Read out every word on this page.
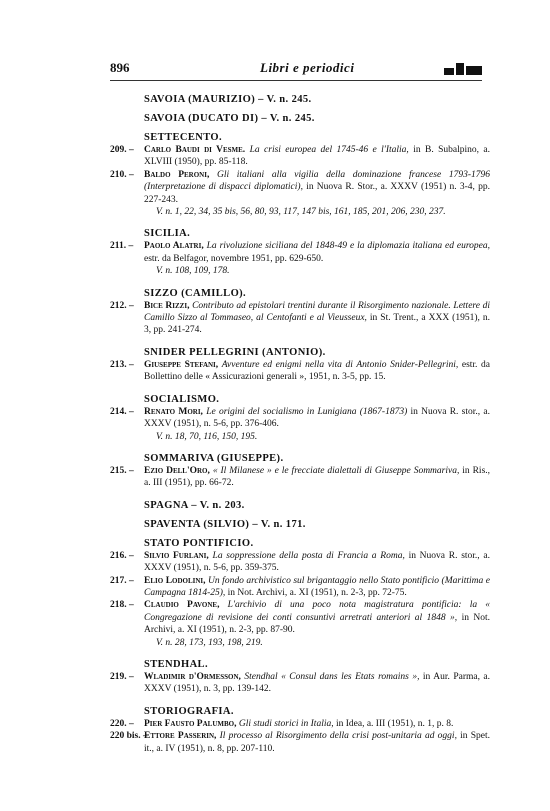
896	Libri e periodici
SAVOIA (MAURIZIO) – V. n. 245.
SAVOIA (DUCATO DI) – V. n. 245.
SETTECENTO.
209. – Carlo Baudi di Vesme. La crisi europea del 1745-46 e l'Italia, in B. Subalpino, a. XLVIII (1950), pp. 85-118.
210. – Baldo Peroni, Gli italiani alla vigilia della dominazione francese 1793-1796 (Interpretazione di dispacci diplomatici), in Nuova R. Stor., a. XXXV (1951) n. 3-4, pp. 227-243.
V. n. 1, 22, 34, 35 bis, 56, 80, 93, 117, 147 bis, 161, 185, 201, 206, 230, 237.
SICILIA.
211. – Paolo Alatri, La rivoluzione siciliana del 1848-49 e la diplomazia italiana ed europea, estr. da Belfagor, novembre 1951, pp. 629-650.
V. n. 108, 109, 178.
SIZZO (CAMILLO).
212. – Bice Rizzi, Contributo ad epistolari trentini durante il Risorgimento nazionale. Lettere di Camillo Sizzo al Tommaseo, al Centofanti e al Vieusseux, in St. Trent., a XXX (1951), n. 3, pp. 241-274.
SNIDER PELLEGRINI (ANTONIO).
213. – Giuseppe Stefani, Avventure ed enigmi nella vita di Antonio Snider-Pellegrini, estr. da Bollettino delle « Assicurazioni generali », 1951, n. 3-5, pp. 15.
SOCIALISMO.
214. – Renato Mori, Le origini del socialismo in Lunigiana (1867-1873) in Nuova R. stor., a. XXXV (1951), n. 5-6, pp. 376-406.
V. n. 18, 70, 116, 150, 195.
SOMMARIVA (GIUSEPPE).
215. – Ezio Dell'Oro, « Il Milanese » e le frecciate dialettali di Giuseppe Sommariva, in Ris., a. III (1951), pp. 66-72.
SPAGNA – V. n. 203.
SPAVENTA (SILVIO) – V. n. 171.
STATO PONTIFICIO.
216. – Silvio Furlani, La soppressione della posta di Francia a Roma, in Nuova R. stor., a. XXXV (1951), n. 5-6, pp. 359-375.
217. – Elio Lodolini, Un fondo archivistico sul brigantaggio nello Stato pontificio (Marittima e Campagna 1814-25), in Not. Archivi, a. XI (1951), n. 2-3, pp. 72-75.
218. – Claudio Pavone, L'archivio di una poco nota magistratura pontificia: la « Congregazione di revisione dei conti consuntivi arretrati anteriori al 1848 », in Not. Archivi, a. XI (1951), n. 2-3, pp. 87-90.
V. n. 28, 173, 193, 198, 219.
STENDHAL.
219. – Wladimir d'Ormesson, Stendhal « Consul dans les Etats romains », in Aur. Parma, a. XXXV (1951), n. 3, pp. 139-142.
STORIOGRAFIA.
220. – Pier Fausto Palumbo, Gli studi storici in Italia, in Idea, a. III (1951), n. 1, p. 8.
220 bis. –
Ettore Passerin, Il processo al Risorgimento della crisi post-unitaria ad oggi, in Spet. it., a. IV (1951), n. 8, pp. 207-110.
